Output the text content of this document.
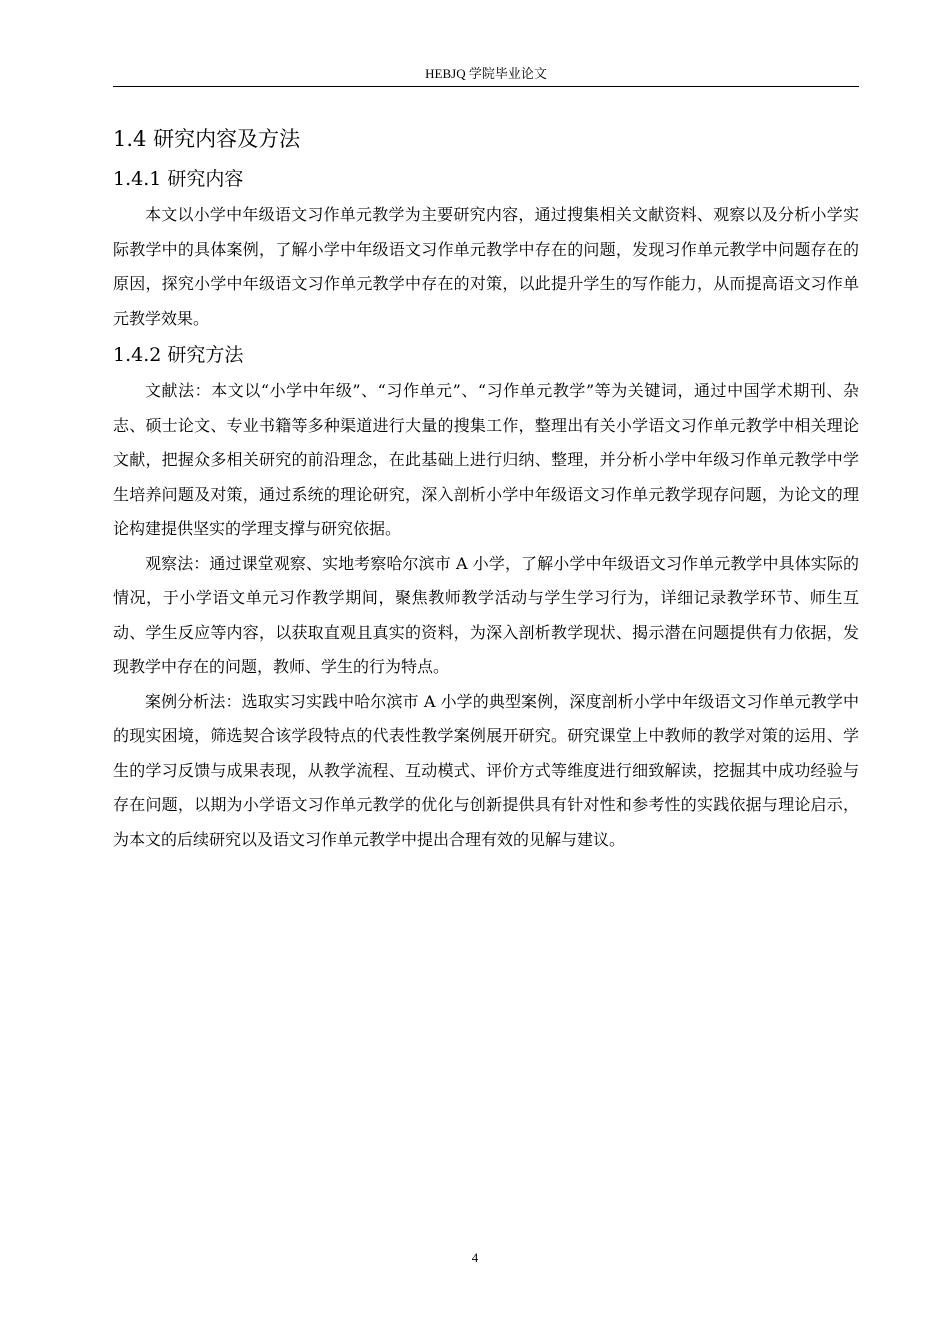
HEBJQ 学院毕业论文
1.4 研究内容及方法
1.4.1 研究内容

本文以小学中年级语文习作单元教学为主要研究内容，通过搜集相关文献资料、观察以及分析小学实际教学中的具体案例，了解小学中年级语文习作单元教学中存在的问题，发现习作单元教学中问题存在的原因，探究小学中年级语文习作单元教学中存在的对策，以此提升学生的写作能力，从而提高语文习作单元教学效果。

1.4.2 研究方法

文献法：本文以“小学中年级”、“习作单元”、“习作单元教学”等为关键词，通过中国学术期刊、杂志、硕士论文、专业书籍等多种渠道进行大量的搜集工作，整理出有关小学语文习作单元教学中相关理论文献，把握众多相关研究的前沿理念，在此基础上进行归纳、整理，并分析小学中年级习作单元教学中学生培养问题及对策，通过系统的理论研究，深入剖析小学中年级语文习作单元教学现存问题，为论文的理论构建提供坚实的学理支撑与研究依据。

观察法：通过课堂观察、实地考察哈尔滨市 A 小学，了解小学中年级语文习作单元教学中具体实际的情况，于小学语文单元习作教学期间，聚焦教师教学活动与学生学习行为，详细记录教学环节、师生互动、学生反应等内容，以获取直观且真实的资料，为深入剖析教学现状、揭示潜在问题提供有力依据，发现教学中存在的问题，教师、学生的行为特点。

案例分析法：选取实习实践中哈尔滨市 A 小学的典型案例，深度剖析小学中年级语文习作单元教学中的现实困境，筛选契合该学段特点的代表性教学案例展开研究。研究课堂上中教师的教学对策的运用、学生的学习反馈与成果表现，从教学流程、互动模式、评价方式等维度进行细致解读，挖掘其中成功经验与存在问题，以期为小学语文习作单元教学的优化与创新提供具有针对性和参考性的实践依据与理论启示，为本文的后续研究以及语文习作单元教学中提出合理有效的见解与建议。

4
